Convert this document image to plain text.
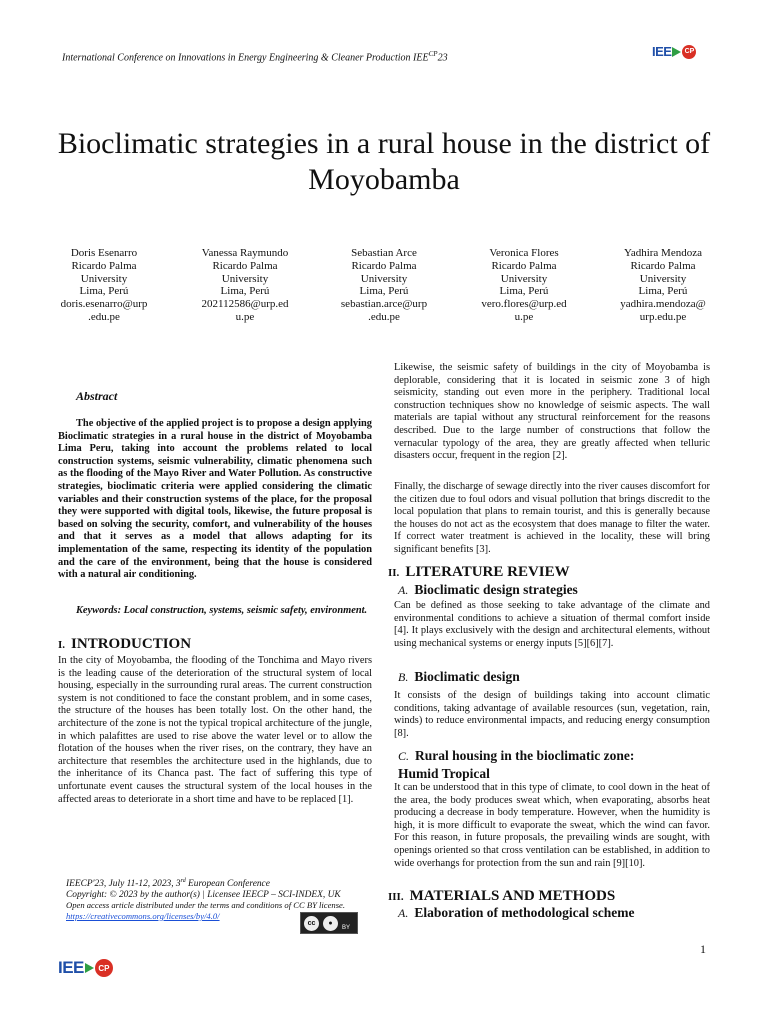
International Conference on Innovations in Energy Engineering & Cleaner Production $IEE^{CP}23$	IEE	CP
Bioclimatic strategies in a rural house in the district of Moyobamba
Doris Esenarro
Ricardo Palma
University
Lima, Perú
doris.esenarro@urp
.edu.pe
Vanessa Raymundo
Ricardo Palma
University
Lima, Perú
202112586@urp.ed
u.pe
Sebastian Arce
Ricardo Palma
University
Lima, Perú
sebastian.arce@urp
.edu.pe
Veronica Flores
Ricardo Palma
University
Lima, Perú
vero.flores@urp.ed
u.pe
Yadhira Mendoza
Ricardo Palma
University
Lima, Perú
yadhira.mendoza@
urp.edu.pe
Abstract
The objective of the applied project is to propose a design applying Bioclimatic strategies in a rural house in the district of Moyobamba Lima Peru, taking into account the problems related to local construction systems, seismic vulnerability, climatic phenomena such as the flooding of the Mayo River and Water Pollution. As constructive strategies, bioclimatic criteria were applied considering the climatic variables and their construction systems of the place, for the proposal they were supported with digital tools, likewise, the future proposal is based on solving the security, comfort, and vulnerability of the houses and that it serves as a model that allows adapting for its implementation of the same, respecting its identity of the population and the care of the environment, being that the house is considered with a natural air conditioning.
Keywords: Local construction, systems, seismic safety, environment.
I. INTRODUCTION
In the city of Moyobamba, the flooding of the Tonchima and Mayo rivers is the leading cause of the deterioration of the structural system of local housing, especially in the surrounding rural areas. The current construction system is not conditioned to face the constant problem, and in some cases, the structure of the houses has been totally lost. On the other hand, the architecture of the zone is not the typical tropical architecture of the jungle, in which palafittes are used to rise above the water level or to allow the flotation of the houses when the river rises, on the contrary, they have an architecture that resembles the architecture used in the highlands, due to the inheritance of its Chanca past. The fact of suffering this type of unfortunate event causes the structural system of the local houses in the affected areas to deteriorate in a short time and have to be replaced [1].
Likewise, the seismic safety of buildings in the city of Moyobamba is deplorable, considering that it is located in seismic zone 3 of high seismicity, standing out even more in the periphery. Traditional local construction techniques show no knowledge of seismic aspects. The wall materials are tapial without any structural reinforcement for the reasons described. Due to the large number of constructions that follow the vernacular typology of the area, they are greatly affected when telluric disasters occur, frequent in the region [2].
Finally, the discharge of sewage directly into the river causes discomfort for the citizen due to foul odors and visual pollution that brings discredit to the local population that plans to remain tourist, and this is generally because the houses do not act as the ecosystem that does manage to filter the water. If correct water treatment is achieved in the locality, these will bring significant benefits [3].
II. LITERATURE REVIEW
A. Bioclimatic design strategies
Can be defined as those seeking to take advantage of the climate and environmental conditions to achieve a situation of thermal comfort inside [4]. It plays exclusively with the design and architectural elements, without using mechanical systems or energy inputs [5][6][7].
B. Bioclimatic design
It consists of the design of buildings taking into account climatic conditions, taking advantage of available resources (sun, vegetation, rain, winds) to reduce environmental impacts, and reducing energy consumption [8].
C. Rural housing in the bioclimatic zone:
Humid Tropical
It can be understood that in this type of climate, to cool down in the heat of the area, the body produces sweat which, when evaporating, absorbs heat producing a decrease in body temperature. However, when the humidity is high, it is more difficult to evaporate the sweat, which the wind can favor. For this reason, in future proposals, the prevailing winds are sought, with openings oriented so that cross ventilation can be established, in addition to wide overhangs for protection from the sun and rain [9][10].
III. MATERIALS AND METHODS
A. Elaboration of methodological scheme
IEECP'23, July 11-12, 2023, 3rd European Conference
Copyright: © 2023 by the author(s) | Licensee IEECP – SCI-INDEX, UK
Open access article distributed under the terms and conditions of CC BY license.
https://creativecommons.org/licenses/by/4.0/
cc	●
BY
1
IEE	CP
